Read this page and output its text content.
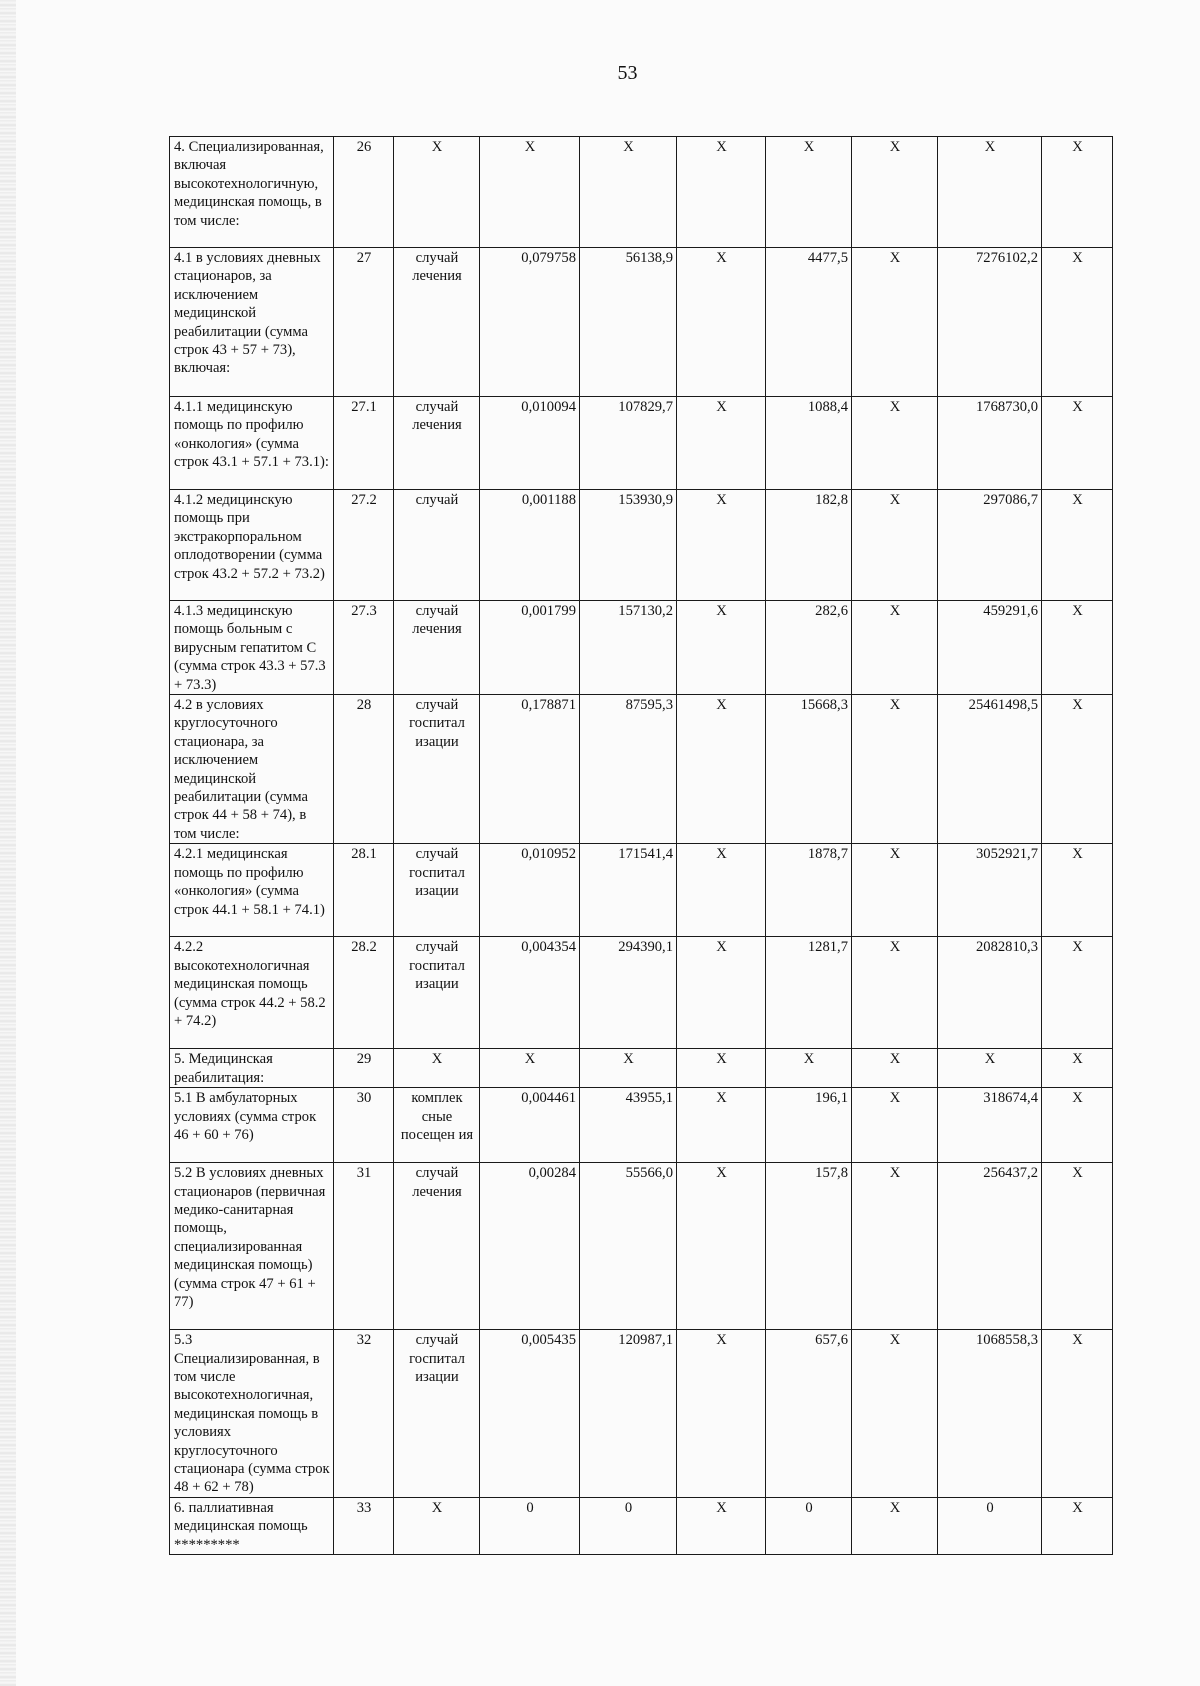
53
4. Специализированная, включая высокотехнологичную, медицинская помощь, в том числе:	26	Х	Х	Х	Х	Х	Х	Х	Х
4.1 в условиях дневных стационаров, за исключением медицинской реабилитации (сумма строк 43 + 57 + 73), включая:	27	случай лечения	0,079758	56138,9	Х	4477,5	Х	7276102,2	Х
4.1.1 медицинскую помощь по профилю «онкология» (сумма строк 43.1 + 57.1 + 73.1):	27.1	случай лечения	0,010094	107829,7	Х	1088,4	Х	1768730,0	Х
4.1.2 медицинскую помощь при экстракорпоральном оплодотворении (сумма строк 43.2 + 57.2 + 73.2)	27.2	случай	0,001188	153930,9	Х	182,8	Х	297086,7	Х
4.1.3 медицинскую помощь больным с вирусным гепатитом С (сумма строк 43.3 + 57.3 + 73.3)	27.3	случай лечения	0,001799	157130,2	Х	282,6	Х	459291,6	Х
4.2 в условиях круглосуточного стационара, за исключением медицинской реабилитации (сумма строк 44 + 58 + 74), в том числе:	28	случай госпитал изации	0,178871	87595,3	Х	15668,3	Х	25461498,5	Х
4.2.1 медицинская помощь по профилю «онкология» (сумма строк 44.1 + 58.1 + 74.1)	28.1	случай госпитал изации	0,010952	171541,4	Х	1878,7	Х	3052921,7	Х
4.2.2 высокотехнологичная медицинская помощь (сумма строк 44.2 + 58.2 + 74.2)	28.2	случай госпитал изации	0,004354	294390,1	Х	1281,7	Х	2082810,3	Х
5. Медицинская реабилитация:	29	Х	Х	Х	Х	Х	Х	Х	Х
5.1 В амбулаторных условиях (сумма строк 46 + 60 + 76)	30	комплек сные посещен ия	0,004461	43955,1	Х	196,1	Х	318674,4	Х
5.2 В условиях дневных стационаров (первичная медико-санитарная помощь, специализированная медицинская помощь) (сумма строк 47 + 61 + 77)	31	случай лечения	0,00284	55566,0	Х	157,8	Х	256437,2	Х
5.3 Специализированная, в том числе высокотехнологичная, медицинская помощь в условиях круглосуточного стационара (сумма строк 48 + 62 + 78)	32	случай госпитал изации	0,005435	120987,1	Х	657,6	Х	1068558,3	Х
6. паллиативная медицинская помощь *********	33	Х	0	0	Х	0	Х	0	Х
